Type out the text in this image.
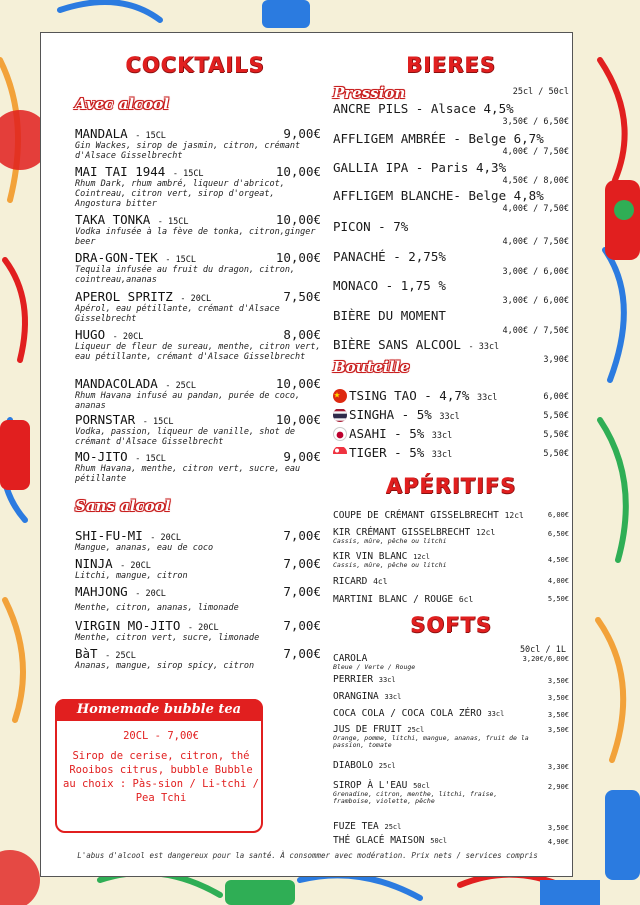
COCKTAILS
Avec alcool
MANDALA - 15CL	9,00€
Gin Wackes, sirop de jasmin, citron, crémant d'Alsace Gisselbrecht
MAI TAI 1944 - 15CL	10,00€
Rhum Dark, rhum ambré, liqueur d'abricot, Cointreau, citron vert, sirop d'orgeat, Angostura bitter
TAKA TONKA - 15CL	10,00€
Vodka infusée à la fève de tonka, citron,ginger beer
DRA-GON-TEK - 15CL	10,00€
Tequila infusée au fruit du dragon, citron, cointreau,ananas
APEROL SPRITZ - 20CL	7,50€
Apérol, eau pétillante, crémant d'Alsace Gisselbrecht
HUGO - 20CL	8,00€
Liqueur de fleur de sureau, menthe, citron vert, eau pétillante, crémant d'Alsace Gisselbrecht
MANDACOLADA - 25CL	10,00€
Rhum Havana infusé au pandan, purée de coco, ananas
PORNSTAR - 15CL	10,00€
Vodka, passion, liqueur de vanille, shot de crémant d'Alsace Gisselbrecht
MO-JITO - 15CL	9,00€
Rhum Havana, menthe, citron vert, sucre, eau pétillante
Sans alcool
SHI-FU-MI - 20CL	7,00€
Mangue, ananas, eau de coco
NINJA - 20CL	7,00€
Litchi, mangue, citron
MAHJONG - 20CL	7,00€
Menthe, citron, ananas, limonade
VIRGIN MO-JITO - 20CL	7,00€
Menthe, citron vert, sucre, limonade
BàT - 25CL	7,00€
Ananas, mangue, sirop spicy, citron
Homemade bubble tea
20CL - 7,00€
Sirop de cerise, citron, thé Rooibos citrus, bubble Bubble au choix : Pàs-sion / Li-tchi / Pea Tchi
BIERES
Pression	25cl / 50cl
ANCRE PILS - Alsace 4,5%
3,50€ / 6,50€
AFFLIGEM AMBRÉE - Belge 6,7%
4,00€ / 7,50€
GALLIA IPA - Paris 4,3%
4,50€ / 8,00€
AFFLIGEM BLANCHE- Belge 4,8%
4,00€ / 7,50€
PICON - 7%
4,00€ / 7,50€
PANACHÉ - 2,75%
3,00€ / 6,00€
MONACO - 1,75 %
3,00€ / 6,00€
BIÈRE DU MOMENT
4,00€ / 7,50€
BIÈRE SANS ALCOOL - 33cl
3,90€
Bouteille
TSING TAO - 4,7% 33cl	6,00€
SINGHA - 5% 33cl	5,50€
ASAHI - 5% 33cl	5,50€
TIGER - 5% 33cl	5,50€
APÉRITIFS
COUPE DE CRÉMANT GISSELBRECHT 12cl	6,00€
KIR CRÉMANT GISSELBRECHT 12cl
Cassis, mûre, pêche ou litchi
6,50€
KIR VIN BLANC 12cl
Cassis, mûre, pêche ou litchi
4,50€
RICARD 4cl	4,00€
MARTINI BLANC / ROUGE 6cl	5,50€
SOFTS
50cl / 1L
CAROLA
Bleue / Verte / Rouge
3,20€/6,00€
PERRIER 33cl	3,50€
ORANGINA 33cl	3,50€
COCA COLA / COCA COLA ZÉRO 33cl	3,50€
JUS DE FRUIT 25cl
Orange, pomme, litchi, mangue, ananas, fruit de la passion, tomate
3,50€
DIABOLO 25cl	3,30€
SIROP À L'EAU 50cl
Grenadine, citron, menthe, litchi, fraise, framboise, violette, pêche
2,90€
FUZE TEA 25cl	3,50€
THÉ GLACÉ MAISON 50cl	4,90€
L'abus d'alcool est dangereux pour la santé. À consommer avec modération. Prix nets / services compris
